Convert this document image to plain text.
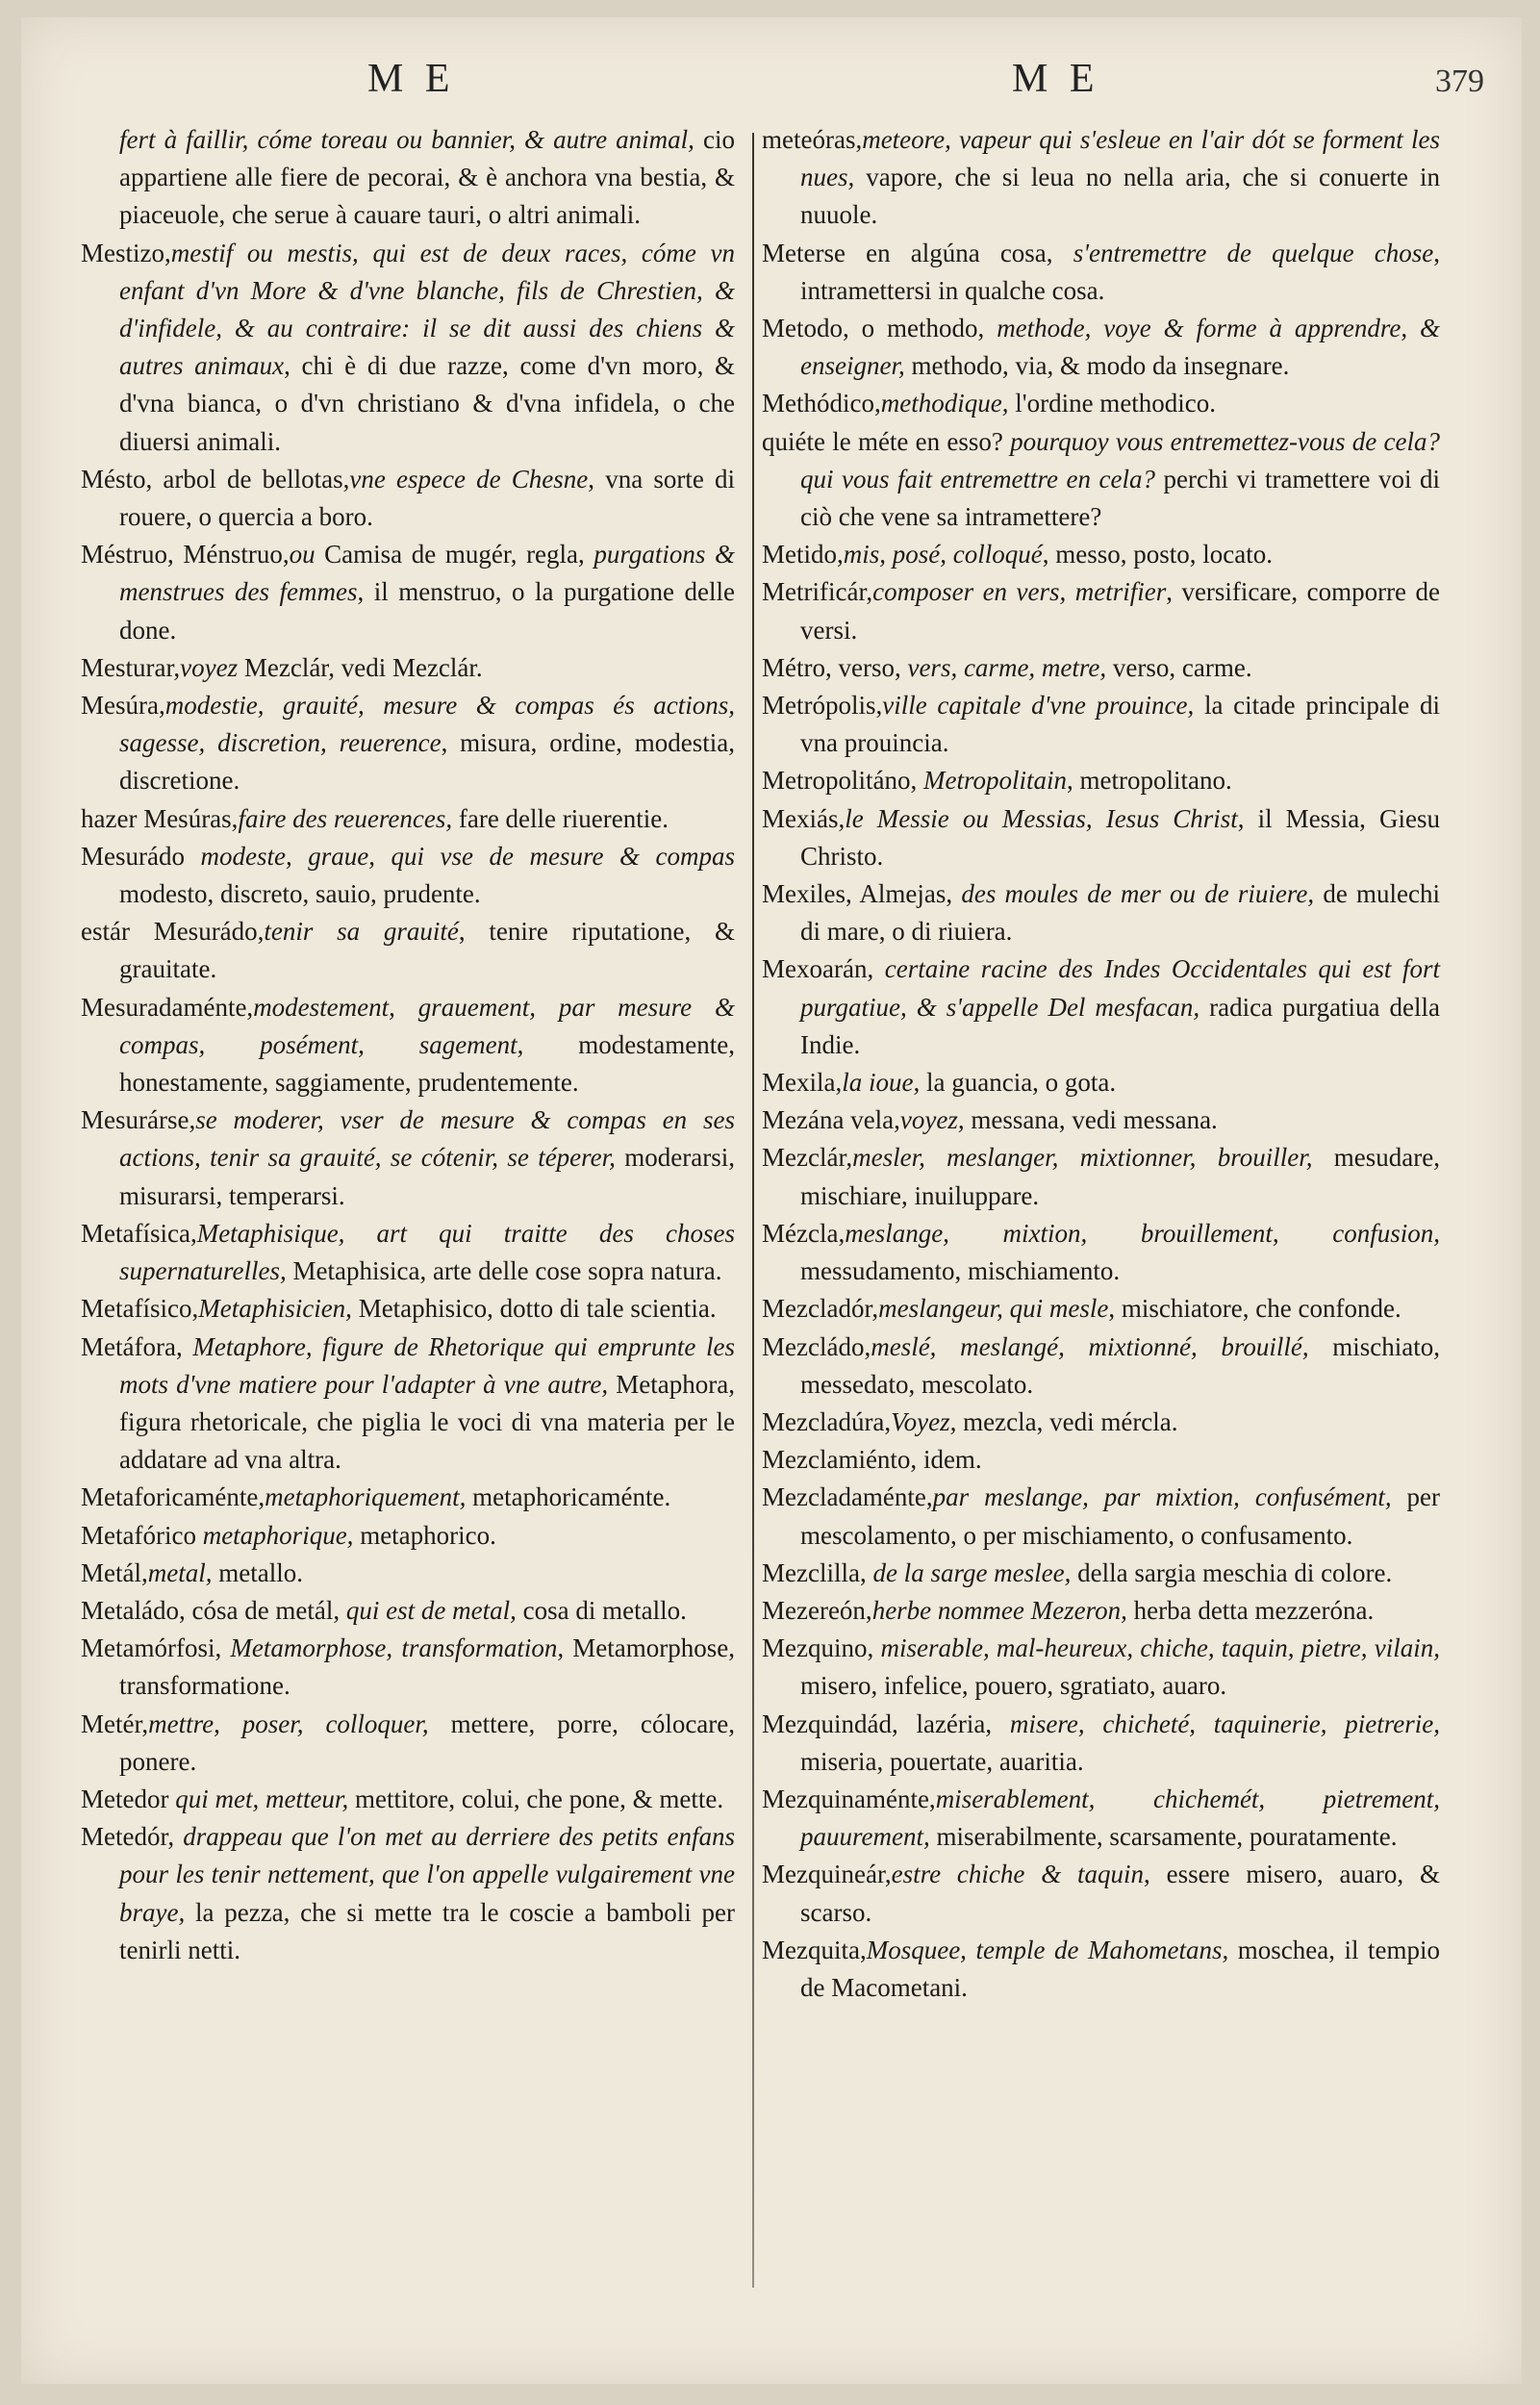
M E	M E	379

fert à faillir, cóme toreau ou bannier, & autre animal, cio appartiene alle fiere de pecorai, & è anchora vna bestia, & piaceuole, che serue à cauare tauri, o altri animali.

Mestizo,mestif ou mestis, qui est de deux races, cóme vn enfant d'vn More & d'vne blanche, fils de Chrestien, & d'infidele, & au contraire: il se dit aussi des chiens & autres animaux, chi è di due razze, come d'vn moro, & d'vna bianca, o d'vn christiano & d'vna infidela, o che diuersi animali.

Mésto, arbol de bellotas,vne espece de Chesne, vna sorte di rouere, o quercia a boro.

Méstruo, Ménstruo,ou Camisa de mugér, regla, purgations & menstrues des femmes, il menstruo, o la purgatione delle done.

Mesturar,voyez Mezclár, vedi Mezclár.

Mesúra,modestie, grauité, mesure & compas és actions, sagesse, discretion, reuerence, misura, ordine, modestia, discretione.

hazer Mesúras,faire des reuerences, fare delle riuerentie.

Mesurádo modeste, graue, qui vse de mesure & compas modesto, discreto, sauio, prudente.

estár Mesurádo,tenir sa grauité, tenire riputatione, & grauitate.

Mesuradaménte,modestement, grauement, par mesure & compas, posément, sagement, modestamente, honestamente, saggiamente, prudentemente.

Mesurárse,se moderer, vser de mesure & compas en ses actions, tenir sa grauité, se cótenir, se téperer, moderarsi, misurarsi, temperarsi.

Metafísica,Metaphisique, art qui traitte des choses supernaturelles, Metaphisica, arte delle cose sopra natura.

Metafísico,Metaphisicien, Metaphisico, dotto di tale scientia.

Metáfora, Metaphore, figure de Rhetorique qui emprunte les mots d'vne matiere pour l'adapter à vne autre, Metaphora, figura rhetoricale, che piglia le voci di vna materia per le addatare ad vna altra.

Metaforicaménte,metaphoriquement, metaphoricaménte.

Metafórico metaphorique, metaphorico.

Metál,metal, metallo.

Metaládo, cósa de metál, qui est de metal, cosa di metallo.

Metamórfosi, Metamorphose, transformation, Metamorphose, transformatione.

Metér,mettre, poser, colloquer, mettere, porre, cólocare, ponere.

Metedor qui met, metteur, mettitore, colui, che pone, & mette.

Metedór, drappeau que l'on met au derriere des petits enfans pour les tenir nettement, que l'on appelle vulgairement vne braye, la pezza, che si mette tra le coscie a bamboli per tenirli netti.

meteóras,meteore, vapeur qui s'esleue en l'air dót se forment les nues, vapore, che si leua no nella aria, che si conuerte in nuuole.

Meterse en algúna cosa, s'entremettre de quelque chose, intramettersi in qualche cosa.

Metodo, o methodo, methode, voye & forme à apprendre, & enseigner, methodo, via, & modo da insegnare.

Methódico,methodique, l'ordine methodico.

quiéte le méte en esso? pourquoy vous entremettez-vous de cela? qui vous fait entremettre en cela? perchi vi tramettere voi di ciò che vene sa intramettere?

Metido,mis, posé, colloqué, messo, posto, locato.

Metrificár,composer en vers, metrifier, versificare, comporre de versi.

Métro, verso, vers, carme, metre, verso, carme.

Metrópolis,ville capitale d'vne prouince, la citade principale di vna prouincia.

Metropolitáno, Metropolitain, metropolitano.

Mexiás,le Messie ou Messias, Iesus Christ, il Messia, Giesu Christo.

Mexiles, Almejas, des moules de mer ou de riuiere, de mulechi di mare, o di riuiera.

Mexoarán, certaine racine des Indes Occidentales qui est fort purgatiue, & s'appelle Del mesfacan, radica purgatiua della Indie.

Mexila,la ioue, la guancia, o gota.

Mezána vela,voyez, messana, vedi messana.

Mezclár,mesler, meslanger, mixtionner, brouiller, mesudare, mischiare, inuiluppare.

Mézcla,meslange, mixtion, brouillement, confusion, messudamento, mischiamento.

Mezcladór,meslangeur, qui mesle, mischiatore, che confonde.

Mezcládo,meslé, meslangé, mixtionné, brouillé, mischiato, messedato, mescolato.

Mezcladúra,Voyez, mezcla, vedi mércla.

Mezclamiénto, idem.

Mezcladaménte,par meslange, par mixtion, confusément, per mescolamento, o per mischiamento, o confusamento.

Mezclilla, de la sarge meslee, della sargia meschia di colore.

Mezereón,herbe nommee Mezeron, herba detta mezzeróna.

Mezquino, miserable, mal-heureux, chiche, taquin, pietre, vilain, misero, infelice, pouero, sgratiato, auaro.

Mezquindád, lazéria, misere, chicheté, taquinerie, pietrerie, miseria, pouertate, auaritia.

Mezquinaménte,miserablement, chichemét, pietrement, pauurement, miserabilmente, scarsamente, pouratamente.

Mezquineár,estre chiche & taquin, essere misero, auaro, & scarso.

Mezquita,Mosquee, temple de Mahometans, moschea, il tempio de Macometani.
